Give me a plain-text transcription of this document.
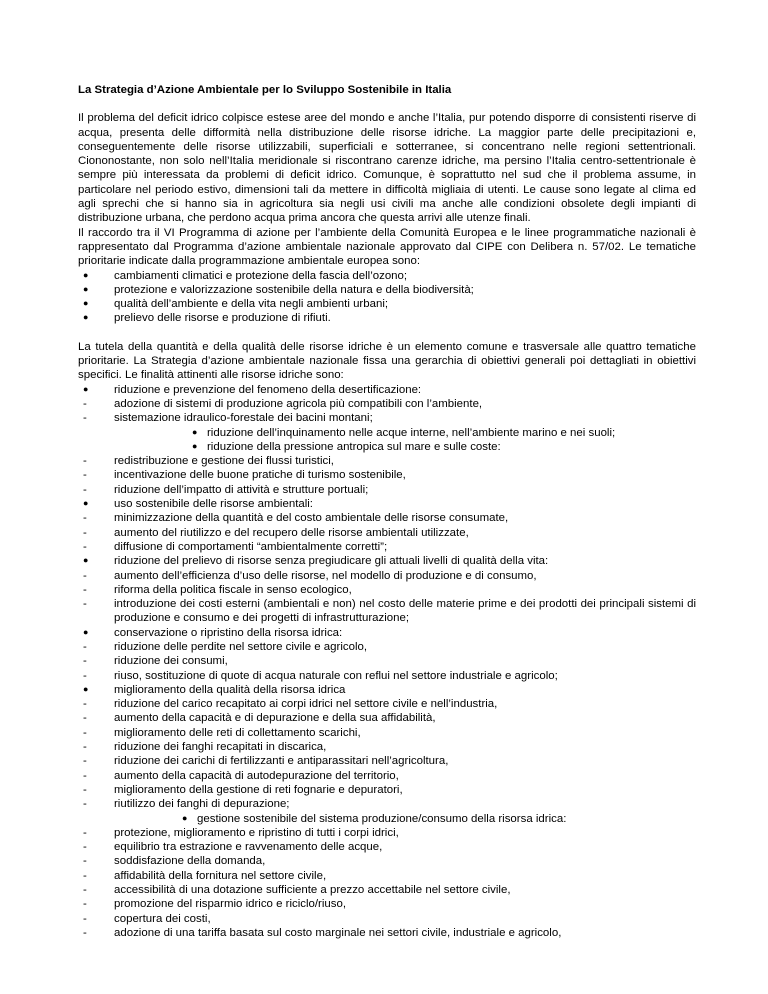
La Strategia d’Azione Ambientale per lo Sviluppo Sostenibile in Italia

Il problema del deficit idrico colpisce estese aree del mondo e anche l’Italia, pur potendo disporre di consistenti riserve di acqua, presenta delle difformità nella distribuzione delle risorse idriche. La maggior parte delle precipitazioni e, conseguentemente delle risorse utilizzabili, superficiali e sotterranee, si concentrano nelle regioni settentrionali. Ciononostante, non solo nell’Italia meridionale si riscontrano carenze idriche, ma persino l’Italia centro-settentrionale è sempre più interessata da problemi di deficit idrico. Comunque, è soprattutto nel sud che il problema assume, in particolare nel periodo estivo, dimensioni tali da mettere in difficoltà migliaia di utenti. Le cause sono legate al clima ed agli sprechi che si hanno sia in agricoltura sia negli usi civili ma anche alle condizioni obsolete degli impianti di distribuzione urbana, che perdono acqua prima ancora che questa arrivi alle utenze finali.

Il raccordo tra il VI Programma di azione per l’ambiente della Comunità Europea e le linee programmatiche nazionali è rappresentato dal Programma d’azione ambientale nazionale approvato dal CIPE con Delibera n. 57/02. Le tematiche prioritarie indicate dalla programmazione ambientale europea sono:

●	cambiamenti climatici e protezione della fascia dell’ozono;
●	protezione e valorizzazione sostenibile della natura e della biodiversità;
●	qualità dell’ambiente e della vita negli ambienti urbani;
●	prelievo delle risorse e produzione di rifiuti.

La tutela della quantità e della qualità delle risorse idriche è un elemento comune e trasversale alle quattro tematiche prioritarie. La Strategia d’azione ambientale nazionale fissa una gerarchia di obiettivi generali poi dettagliati in obiettivi specifici. Le finalità attinenti alle risorse idriche sono:

●	riduzione e prevenzione del fenomeno della desertificazione:
-	adozione di sistemi di produzione agricola più compatibili con l’ambiente,
-	sistemazione idraulico-forestale dei bacini montani;
● riduzione dell’inquinamento nelle acque interne, nell’ambiente marino e nei suoli;
● riduzione della pressione antropica sul mare e sulle coste:
-	redistribuzione e gestione dei flussi turistici,
-	incentivazione delle buone pratiche di turismo sostenibile,
-	riduzione dell’impatto di attività e strutture portuali;
●	uso sostenibile delle risorse ambientali:
-	minimizzazione della quantità e del costo ambientale delle risorse consumate,
-	aumento del riutilizzo e del recupero delle risorse ambientali utilizzate,
-	diffusione di comportamenti “ambientalmente corretti”;
●	riduzione del prelievo di risorse senza pregiudicare gli attuali livelli di qualità della vita:
-	aumento dell’efficienza d’uso delle risorse, nel modello di produzione e di consumo,
-	riforma della politica fiscale in senso ecologico,
-	introduzione dei costi esterni (ambientali e non) nel costo delle materie prime e dei prodotti dei principali sistemi di produzione e consumo e dei progetti di infrastrutturazione;
●	conservazione o ripristino della risorsa idrica:
-	riduzione delle perdite nel settore civile e agricolo,
-	riduzione dei consumi,
-	riuso, sostituzione di quote di acqua naturale con reflui nel settore industriale e agricolo;
●	miglioramento della qualità della risorsa idrica
-	riduzione del carico recapitato ai corpi idrici nel settore civile e nell’industria,
-	aumento della capacità e di depurazione e della sua affidabilità,
-	miglioramento delle reti di collettamento scarichi,
-	riduzione dei fanghi recapitati in discarica,
-	riduzione dei carichi di fertilizzanti e antiparassitari nell’agricoltura,
-	aumento della capacità di autodepurazione del territorio,
-	miglioramento della gestione di reti fognarie e depuratori,
-	riutilizzo dei fanghi di depurazione;
● gestione sostenibile del sistema produzione/consumo della risorsa idrica:
-	protezione, miglioramento e ripristino di tutti i corpi idrici,
-	equilibrio tra estrazione e ravvenamento delle acque,
-	soddisfazione della domanda,
-	affidabilità della fornitura nel settore civile,
-	accessibilità di una dotazione sufficiente a prezzo accettabile nel settore civile,
-	promozione del risparmio idrico e riciclo/riuso,
-	copertura dei costi,
-	adozione di una tariffa basata sul costo marginale nei settori civile, industriale e agricolo,
